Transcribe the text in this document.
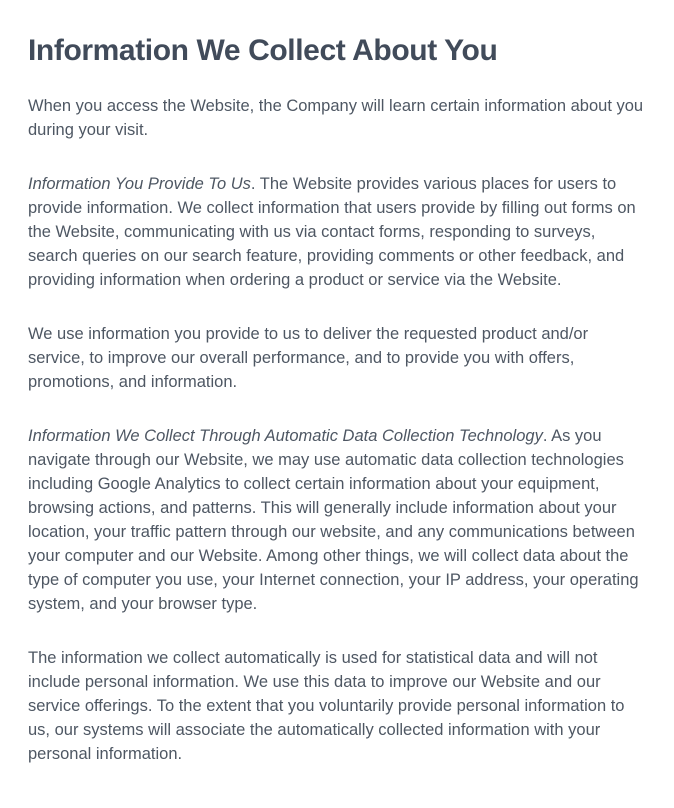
Information We Collect About You

When you access the Website, the Company will learn certain information about you during your visit.

Information You Provide To Us. The Website provides various places for users to provide information. We collect information that users provide by filling out forms on the Website, communicating with us via contact forms, responding to surveys, search queries on our search feature, providing comments or other feedback, and providing information when ordering a product or service via the Website.

We use information you provide to us to deliver the requested product and/or service, to improve our overall performance, and to provide you with offers, promotions, and information.

Information We Collect Through Automatic Data Collection Technology. As you navigate through our Website, we may use automatic data collection technologies including Google Analytics to collect certain information about your equipment, browsing actions, and patterns. This will generally include information about your location, your traffic pattern through our website, and any communications between your computer and our Website. Among other things, we will collect data about the type of computer you use, your Internet connection, your IP address, your operating system, and your browser type.

The information we collect automatically is used for statistical data and will not include personal information. We use this data to improve our Website and our service offerings. To the extent that you voluntarily provide personal information to us, our systems will associate the automatically collected information with your personal information.
